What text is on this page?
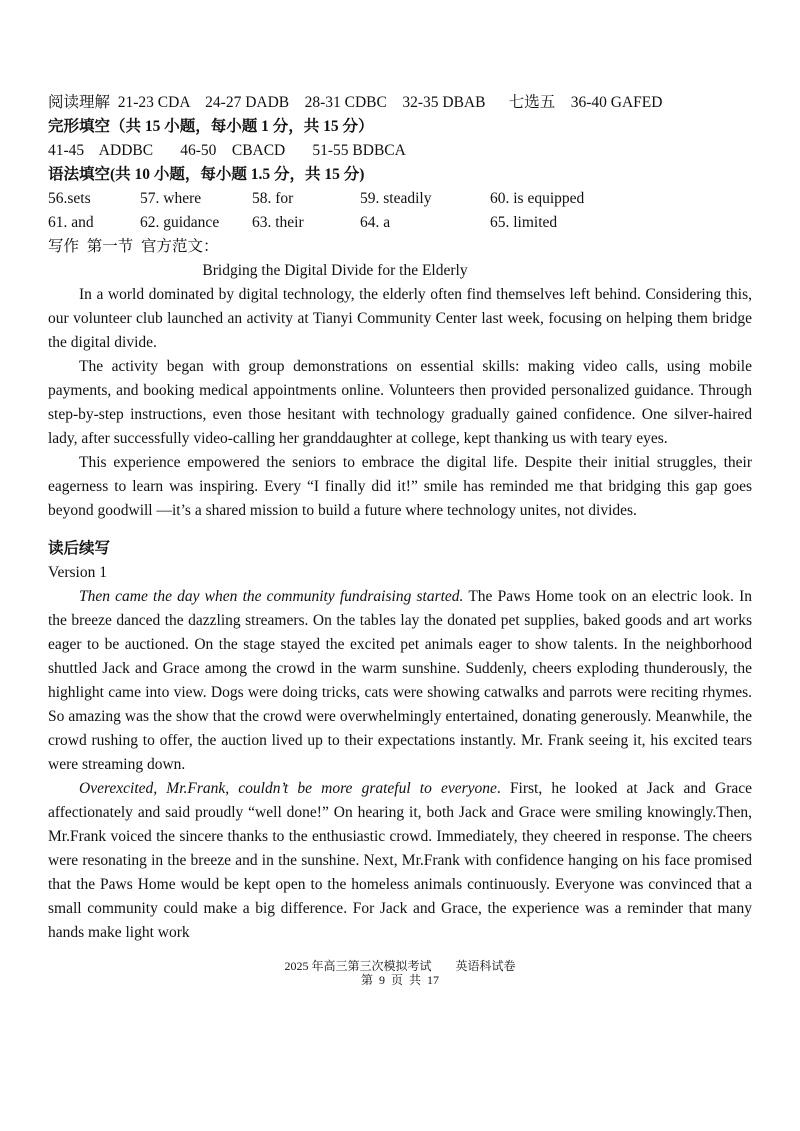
阅读理解  21-23 CDA    24-27 DADB    28-31 CDBC    32-35 DBAB      七选五    36-40 GAFED
完形填空（共 15 小题，每小题 1 分，共 15 分）
41-45    ADDBC       46-50    CBACD       51-55 BDBCA
语法填空(共 10 小题，每小题 1.5 分，共 15 分)
56.sets	57. where	58. for	59. steadily	60. is equipped
61. and	62. guidance 63. their	64. a	65. limited
写作  第一节  官方范文：

Bridging the Digital Divide for the Elderly

In a world dominated by digital technology, the elderly often find themselves left behind. Considering this, our volunteer club launched an activity at Tianyi Community Center last week, focusing on helping them bridge the digital divide.

The activity began with group demonstrations on essential skills: making video calls, using mobile payments, and booking medical appointments online. Volunteers then provided personalized guidance. Through step-by-step instructions, even those hesitant with technology gradually gained confidence. One silver-haired lady, after successfully video-calling her granddaughter at college, kept thanking us with teary eyes.

This experience empowered the seniors to embrace the digital life. Despite their initial struggles, their eagerness to learn was inspiring. Every “I finally did it!” smile has reminded me that bridging this gap goes beyond goodwill —it’s a shared mission to build a future where technology unites, not divides.

读后续写
Version 1

Then came the day when the community fundraising started. The Paws Home took on an electric look. In the breeze danced the dazzling streamers. On the tables lay the donated pet supplies, baked goods and art works eager to be auctioned. On the stage stayed the excited pet animals eager to show talents. In the neighborhood shuttled Jack and Grace among the crowd in the warm sunshine. Suddenly, cheers exploding thunderously, the highlight came into view. Dogs were doing tricks, cats were showing catwalks and parrots were reciting rhymes. So amazing was the show that the crowd were overwhelmingly entertained, donating generously. Meanwhile, the crowd rushing to offer, the auction lived up to their expectations instantly. Mr. Frank seeing it, his excited tears were streaming down.

Overexcited, Mr.Frank, couldn’t be more grateful to everyone. First, he looked at Jack and Grace affectionately and said proudly “well done!” On hearing it, both Jack and Grace were smiling knowingly.Then, Mr.Frank voiced the sincere thanks to the enthusiastic crowd. Immediately, they cheered in response. The cheers were resonating in the breeze and in the sunshine. Next, Mr.Frank with confidence hanging on his face promised that the Paws Home would be kept open to the homeless animals continuously. Everyone was convinced that a small community could make a big difference. For Jack and Grace, the experience was a reminder that many hands make light work

2025 年高三第三次模拟考试        英语科试卷
第  9  页  共  17
